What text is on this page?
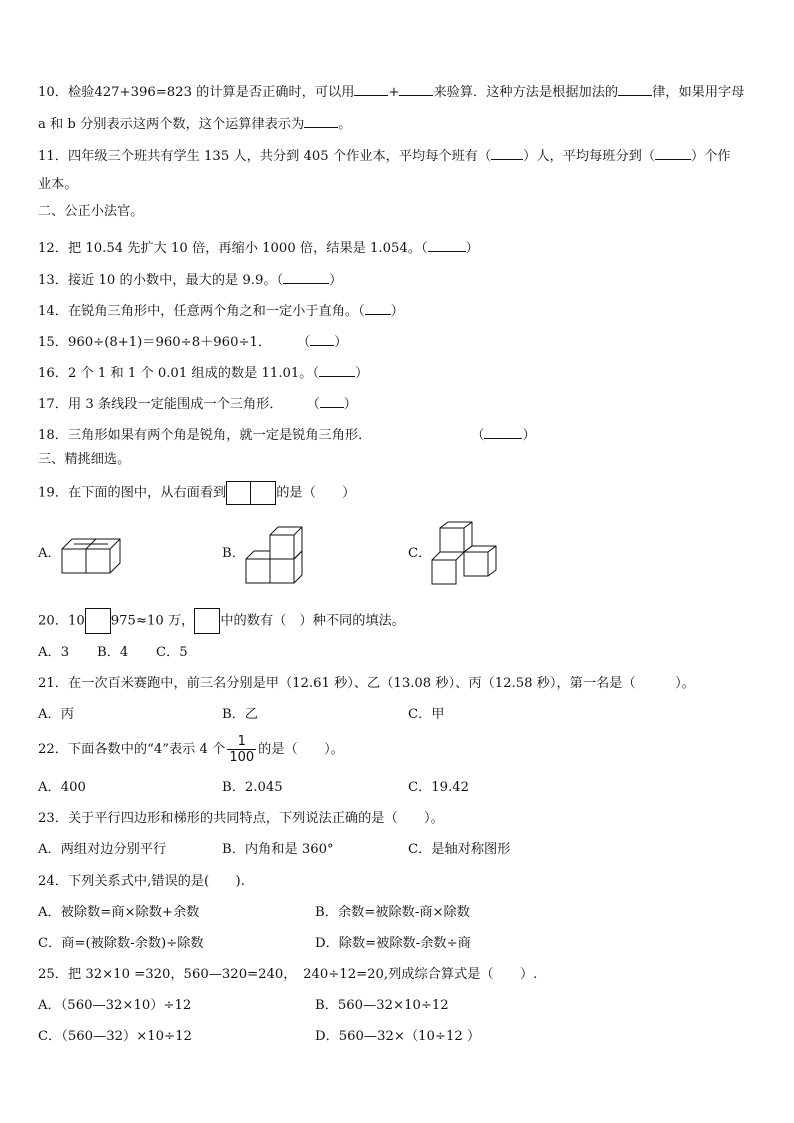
10．检验427+396=823 的计算是否正确时，可以用	+	来验算．这种方法是根据加法的	律，如果用字母
a 和 b 分别表示这两个数，这个运算律表示为	。
11．四年级三个班共有学生 135 人，共分到 405 个作业本，平均每个班有（ ）人，平均每班分到（	）个作
业本。
二、公正小法官。
12．把 10.54 先扩大 10 倍，再缩小 1000 倍，结果是 1.054。（	）
13．接近 10 的小数中，最大的是 9.9。（	）
14．在锐角三角形中，任意两个角之和一定小于直角。（ ）
15．960÷(8+1)＝960÷8＋960÷1． （ ）
16．2 个 1 和 1 个 0.01 组成的数是 11.01。（	）
17．用 3 条线段一定能围成一个三角形． （ ）
18．三角形如果有两个角是锐角，就一定是锐角三角形．	（	）
三、精挑细选。
19．在下面的图中，从右面看到	的是（　　）
A．	B．	C．
20．10 975≈10 万， 中的数有（　）种不同的填法。
A．3 B．4 C．5
21．在一次百米赛跑中，前三名分别是甲（12.61 秒）、乙（13.08 秒）、丙（12.58 秒），第一名是（　　　）。
A．丙	B．乙	C．甲
22．下面各数中的“4”表示 4 个 $\frac{1}{100}$ 的是（　　）。
A．400	B．2.045	C．19.42
23．关于平行四边形和梯形的共同特点，下列说法正确的是（　　）。
A．两组对边分别平行	B．内角和是 360°	C．是轴对称图形
24．下列关系式中,错误的是(　　).
A．被除数=商×除数+余数	B．余数=被除数-商×除数
C．商=(被除数-余数)÷除数	D．除数=被除数-余数÷商
25．把 32×10 =320，560—320=240，　240÷12=20,列成综合算式是（　　）.
A．（560—32×10）÷12	B．560—32×10÷12
C．（560—32）×10÷12	D．560—32×（10÷12 ）
